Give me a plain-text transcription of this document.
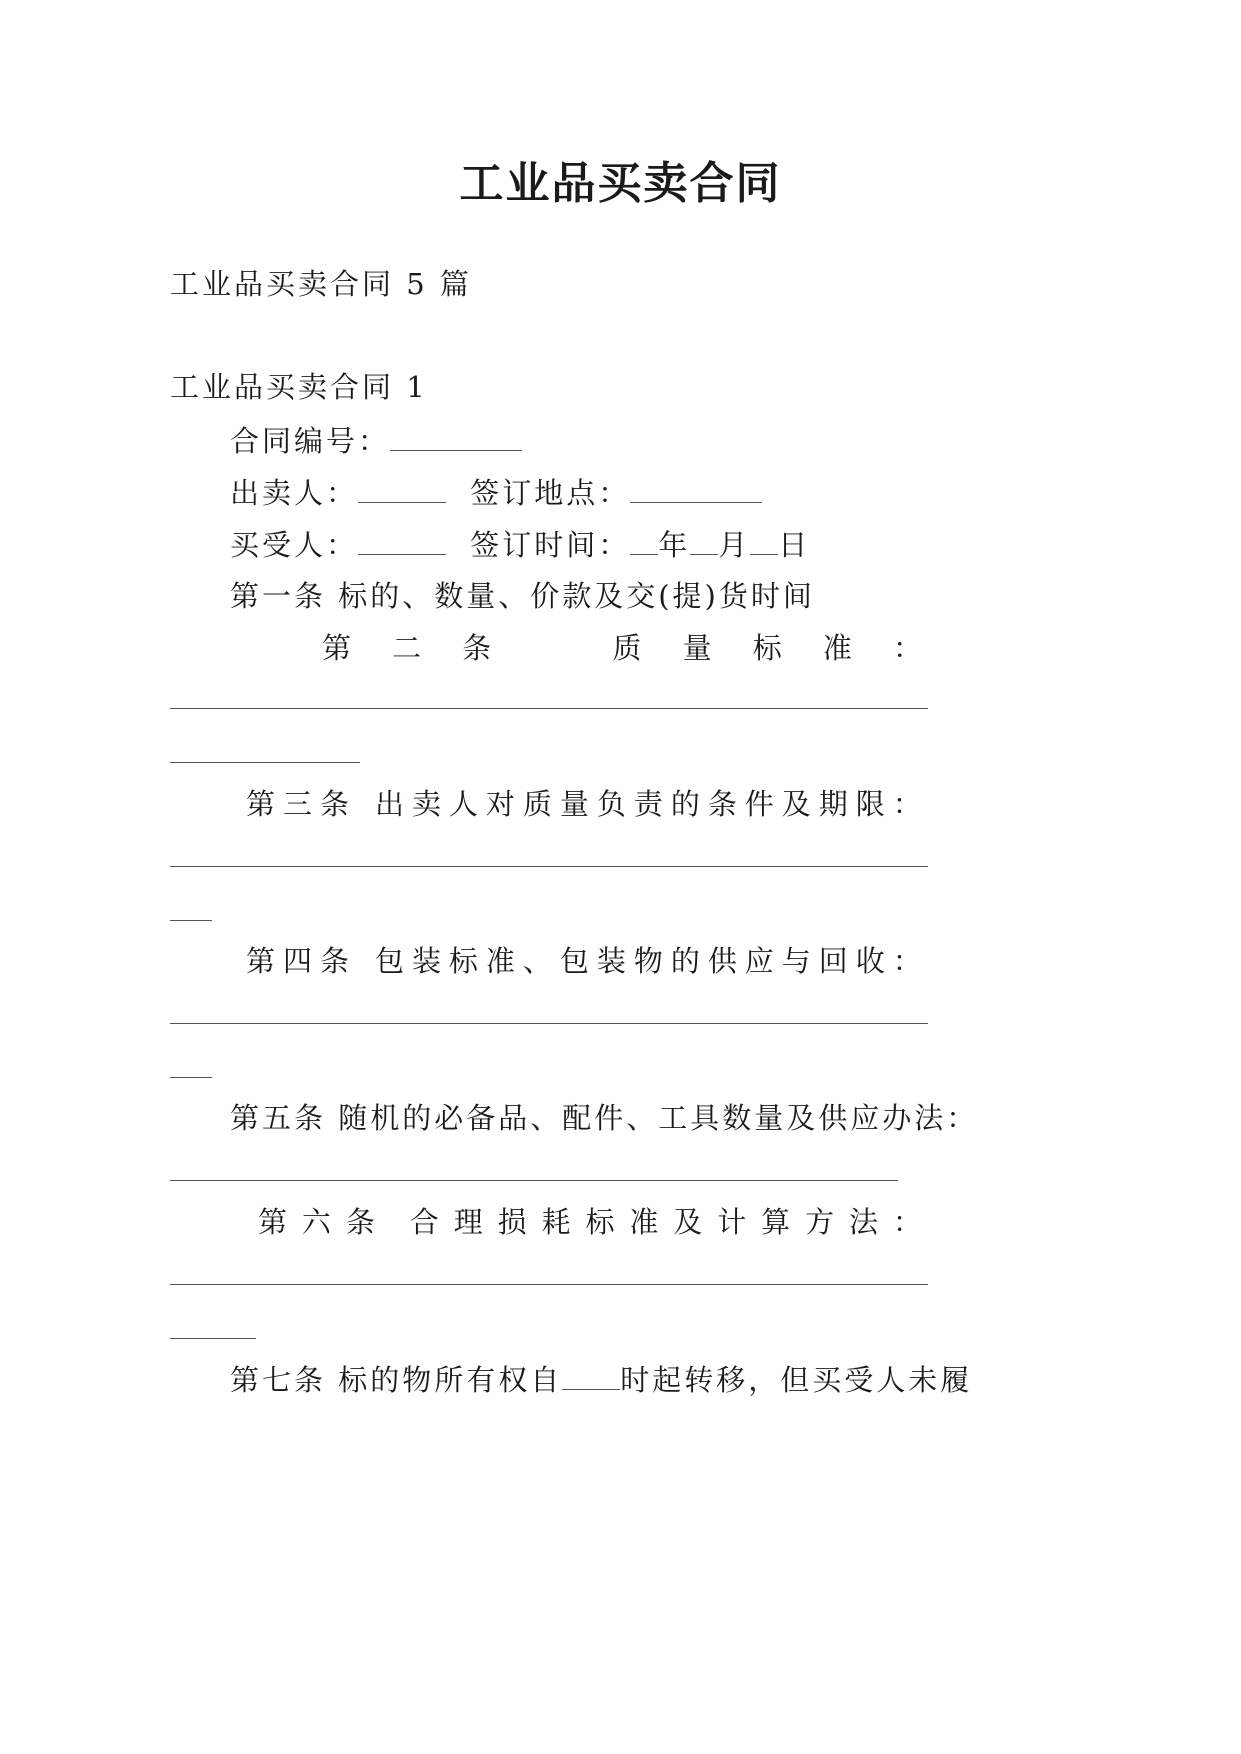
工业品买卖合同
工业品买卖合同 5 篇
工业品买卖合同 1
合同编号：
出卖人：	签订地点：
买受人：	签订时间： 年 月 日
第一条 标的、数量、价款及交(提)货时间
第 二 条	质 量 标 准 ：
第 三 条 出 卖 人 对 质 量 负 责 的 条 件 及 期 限 ：
第 四 条 包 装 标 准 、 包 装 物 的 供 应 与 回 收 ：
第五条 随机的必备品、配件、工具数量及供应办法：
第 六 条 合 理 损 耗 标 准 及 计 算 方 法 ：
第七条 标的物所有权自 时起转移，但买受人未履
